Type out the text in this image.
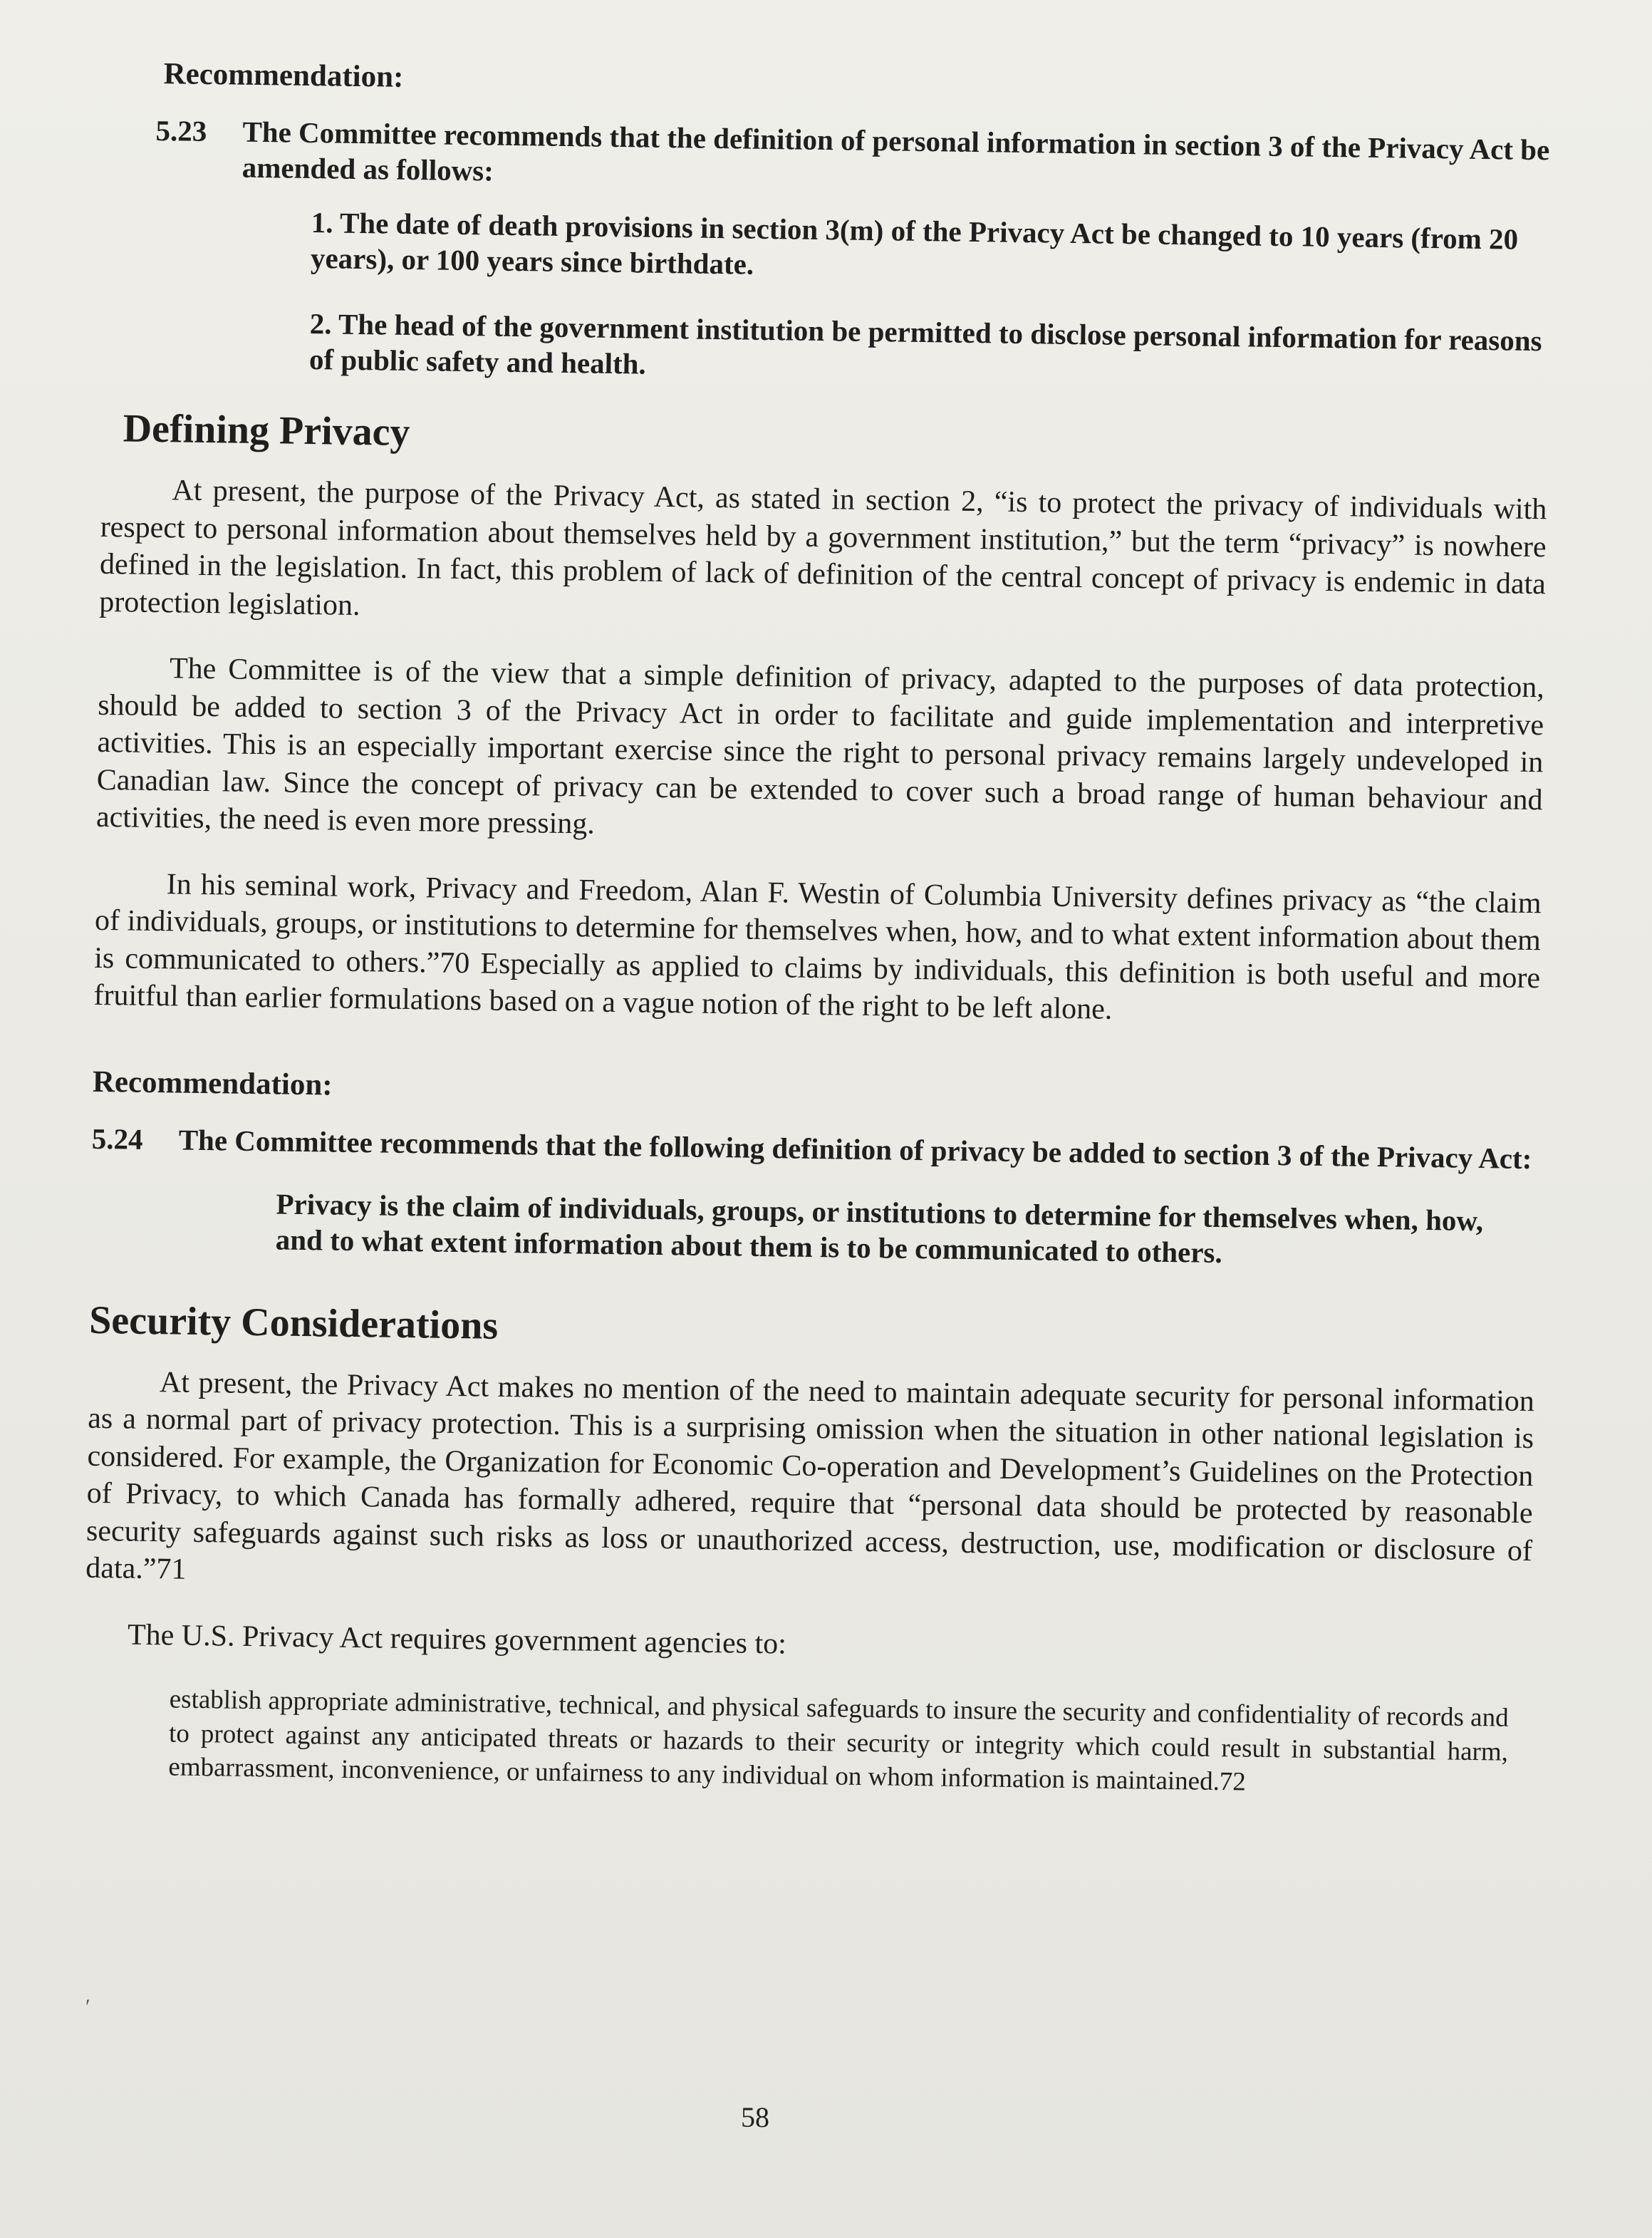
Recommendation:
5.23	The Committee recommends that the definition of personal information in section 3 of the Privacy Act be amended as follows:
1. The date of death provisions in section 3(m) of the Privacy Act be changed to 10 years (from 20 years), or 100 years since birthdate.
2. The head of the government institution be permitted to disclose personal information for reasons of public safety and health.
Defining Privacy

At present, the purpose of the Privacy Act, as stated in section 2, “is to protect the privacy of individuals with respect to personal information about themselves held by a government institution,” but the term “privacy” is nowhere defined in the legislation. In fact, this problem of lack of definition of the central concept of privacy is endemic in data protection legislation.

The Committee is of the view that a simple definition of privacy, adapted to the purposes of data protection, should be added to section 3 of the Privacy Act in order to facilitate and guide implementation and interpretive activities. This is an especially important exercise since the right to personal privacy remains largely undeveloped in Canadian law. Since the concept of privacy can be extended to cover such a broad range of human behaviour and activities, the need is even more pressing.

In his seminal work, Privacy and Freedom, Alan F. Westin of Columbia University defines privacy as “the claim of individuals, groups, or institutions to determine for themselves when, how, and to what extent information about them is communicated to others.”70 Especially as applied to claims by individuals, this definition is both useful and more fruitful than earlier formulations based on a vague notion of the right to be left alone.

Recommendation:
5.24	The Committee recommends that the following definition of privacy be added to section 3 of the Privacy Act:
Privacy is the claim of individuals, groups, or institutions to determine for themselves when, how, and to what extent information about them is to be communicated to others.
Security Considerations

At present, the Privacy Act makes no mention of the need to maintain adequate security for personal information as a normal part of privacy protection. This is a surprising omission when the situation in other national legislation is considered. For example, the Organization for Economic Co-operation and Development’s Guidelines on the Protection of Privacy, to which Canada has formally adhered, require that “personal data should be protected by reasonable security safeguards against such risks as loss or unauthorized access, destruction, use, modification or disclosure of data.”71

The U.S. Privacy Act requires government agencies to:

establish appropriate administrative, technical, and physical safeguards to insure the security and confidentiality of records and to protect against any anticipated threats or hazards to their security or integrity which could result in substantial harm, embarrassment, inconvenience, or unfairness to any individual on whom information is maintained.72

′
58
